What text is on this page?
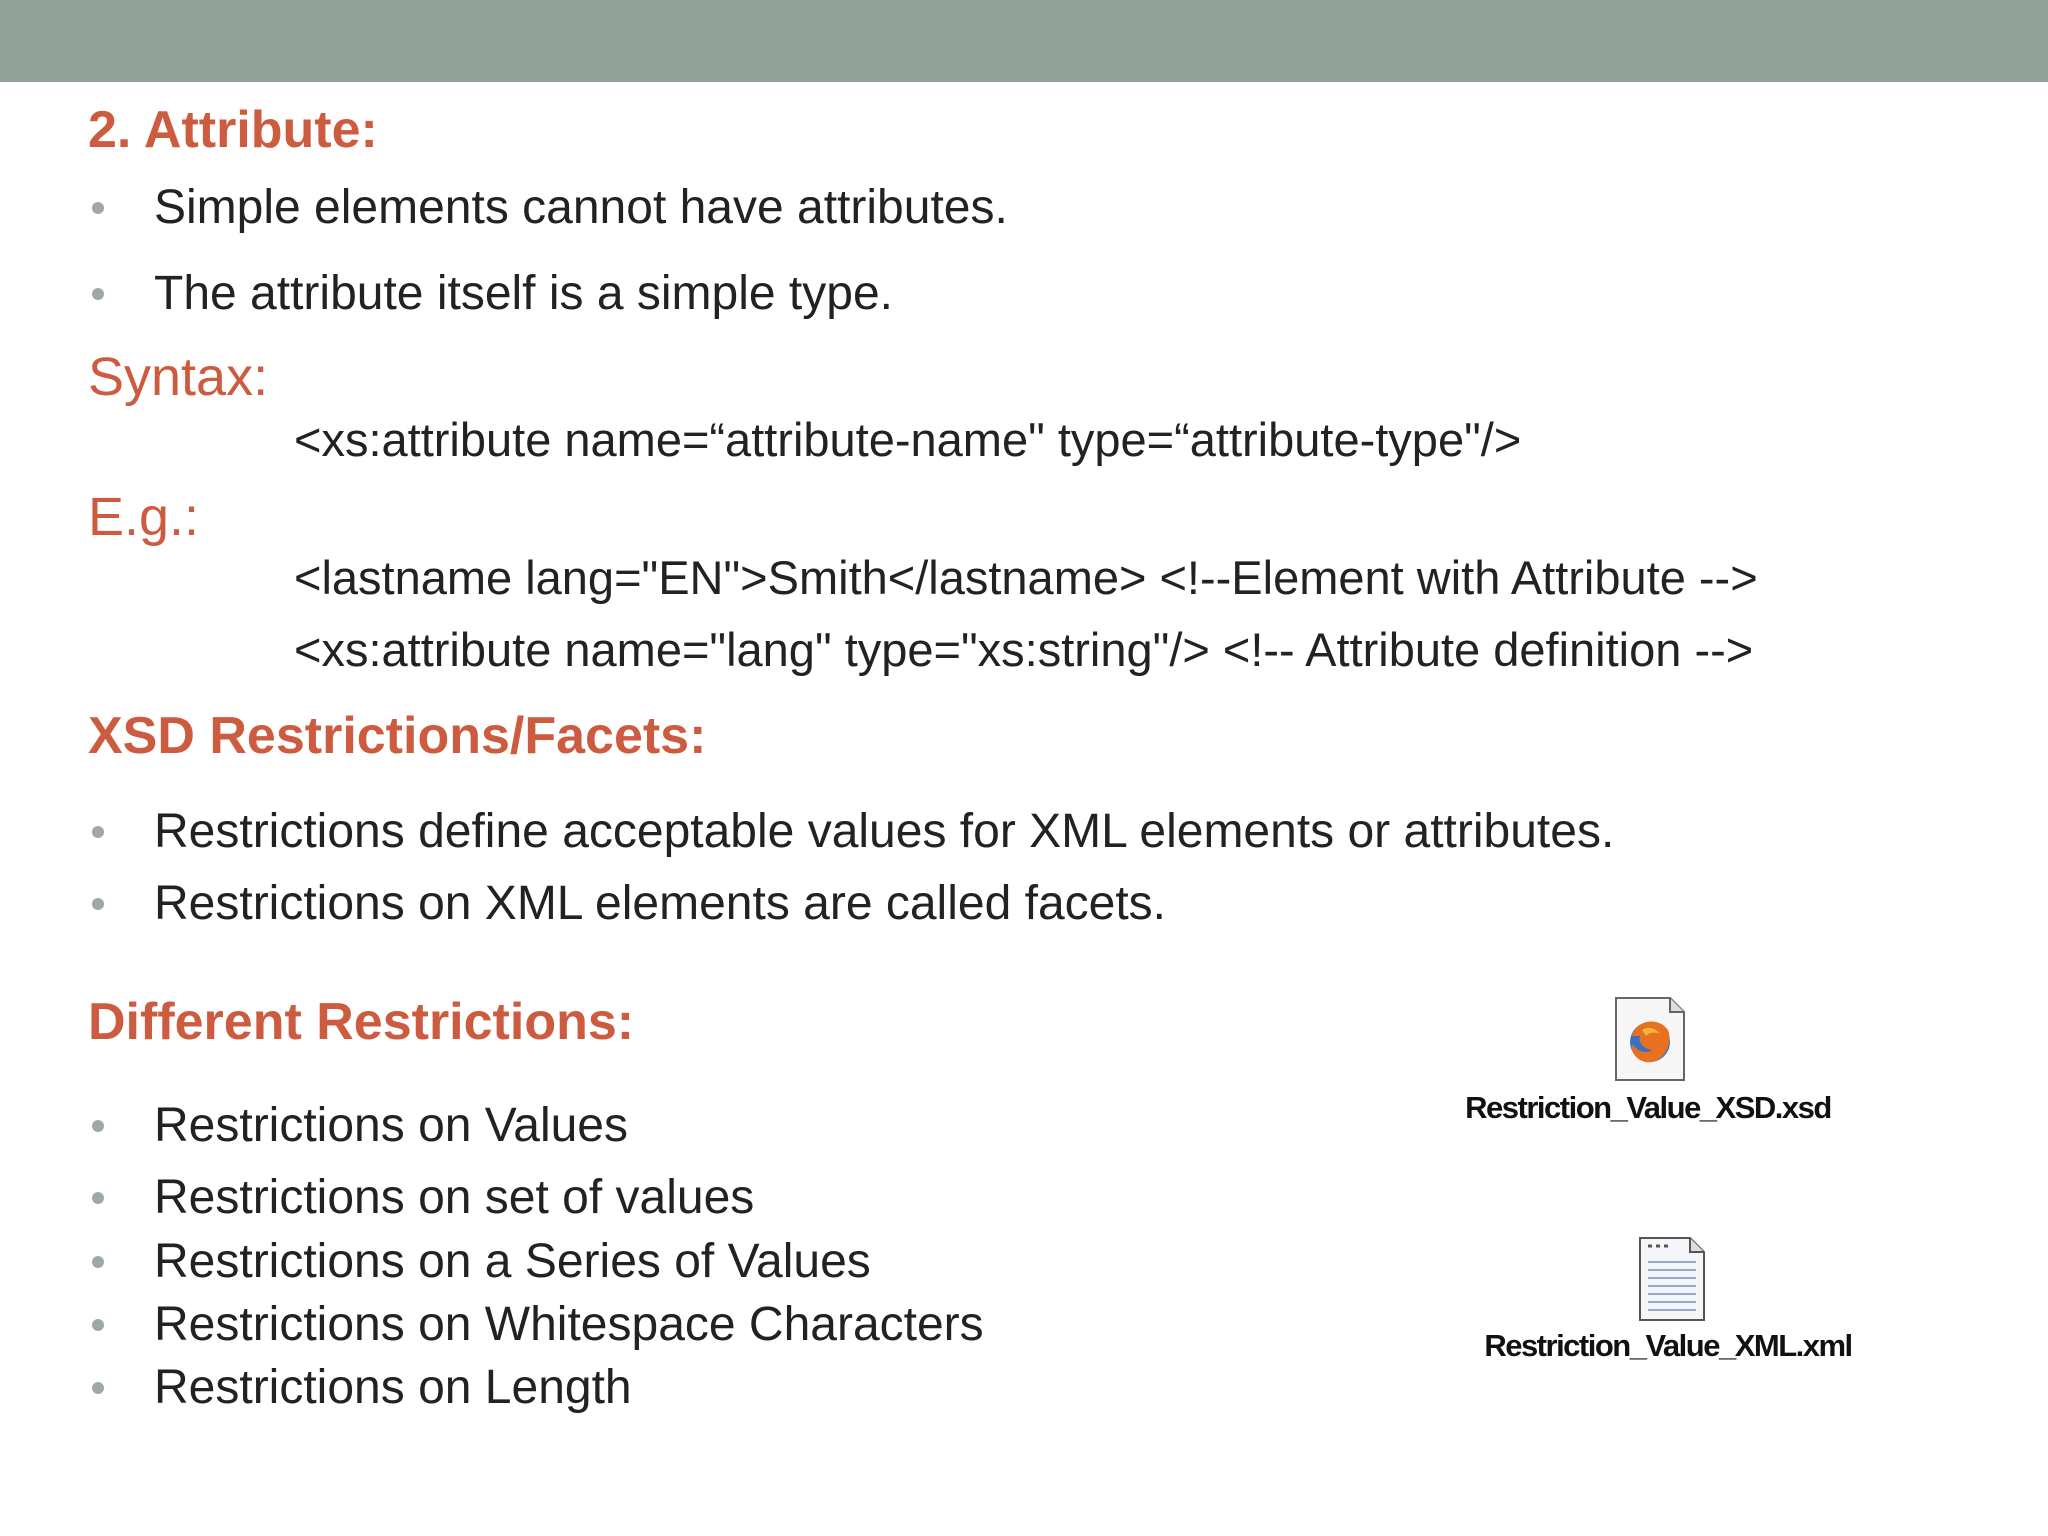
2. Attribute:
Simple elements cannot have attributes.
The attribute itself is a simple type.
Syntax:
<xs:attribute name=“attribute-name" type=“attribute-type"/>
E.g.:
<lastname lang="EN">Smith</lastname> <!--Element with Attribute -->
<xs:attribute name="lang" type="xs:string"/> <!-- Attribute definition -->
XSD Restrictions/Facets:
Restrictions define acceptable values for XML elements or attributes.
Restrictions on XML elements are called facets.
Different Restrictions:
Restrictions on Values
Restrictions on set of values
Restrictions on a Series of Values
Restrictions on Whitespace Characters
Restrictions on Length
Restriction_Value_XSD.xsd
Restriction_Value_XML.xml
